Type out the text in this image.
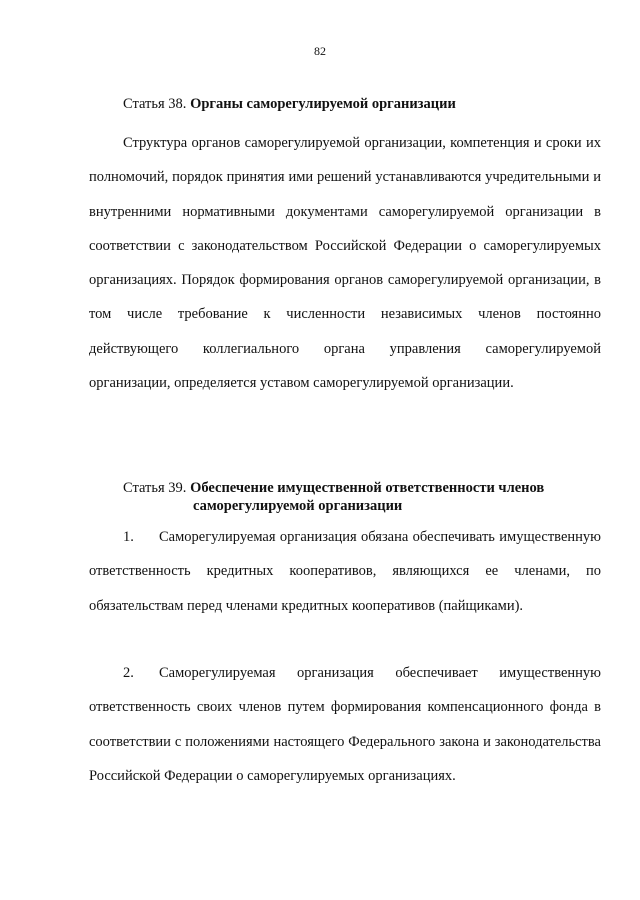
82
Статья 38. Органы саморегулируемой организации

Структура органов саморегулируемой организации, компетенция и сроки их полномочий, порядок принятия ими решений устанавливаются учредительными и внутренними нормативными документами саморегулируемой организации в соответствии с законодательством Российской Федерации о саморегулируемых организациях. Порядок формирования органов саморегулируемой организации, в том числе требование к численности независимых членов постоянно действующего коллегиального органа управления саморегулируемой организации, определяется уставом саморегулируемой организации.

Статья 39. Обеспечение имущественной ответственности членов
саморегулируемой организации

1. Саморегулируемая организация обязана обеспечивать имущественную ответственность кредитных кооперативов, являющихся ее членами, по обязательствам перед членами кредитных кооперативов (пайщиками).

2. Саморегулируемая организация обеспечивает имущественную ответственность своих членов путем формирования компенсационного фонда в соответствии с положениями настоящего Федерального закона и законодательства Российской Федерации о саморегулируемых организациях.
